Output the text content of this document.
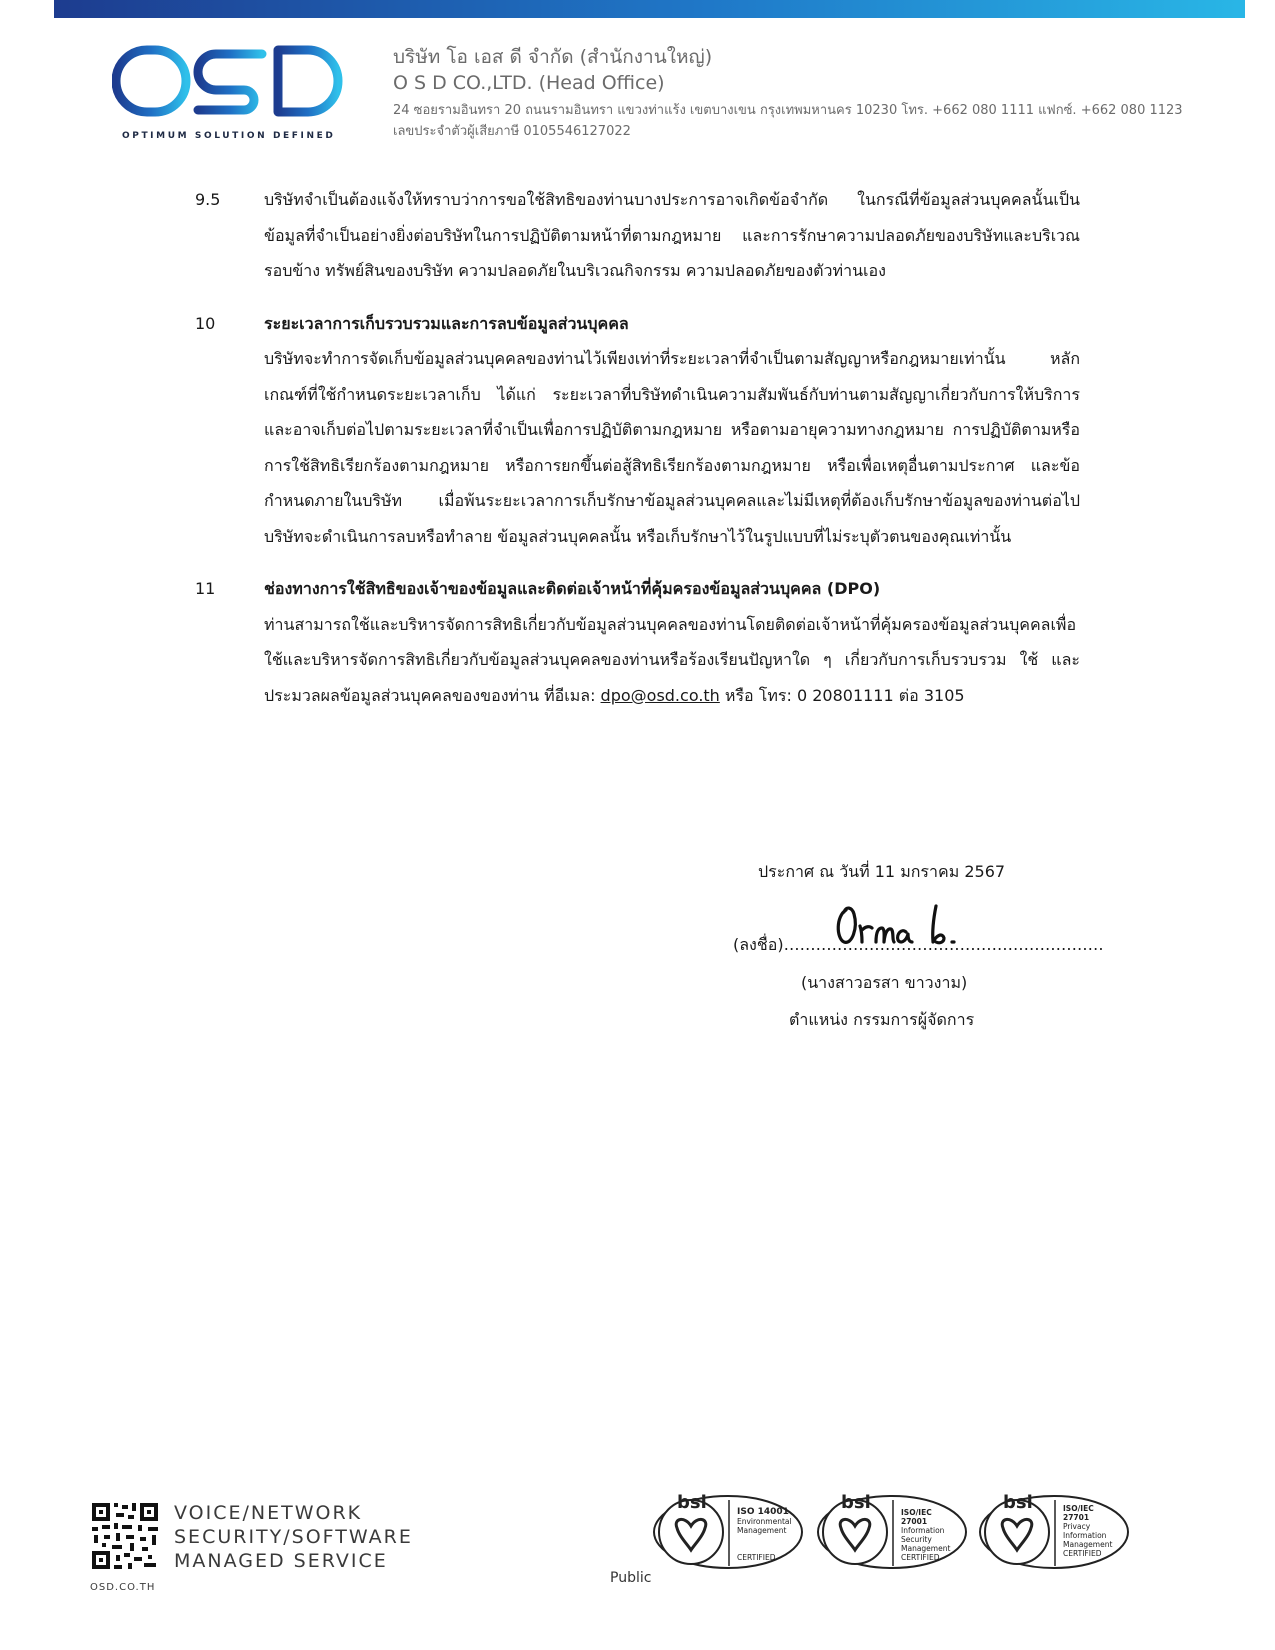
OPTIMUM SOLUTION DEFINED
บริษัท โอ เอส ดี จำกัด (สำนักงานใหญ่)
O S D CO.,LTD. (Head Office)
24 ซอยรามอินทรา 20 ถนนรามอินทรา แขวงท่าแร้ง เขตบางเขน กรุงเทพมหานคร 10230 โทร. +662 080 1111 แฟกซ์. +662 080 1123
เลขประจำตัวผู้เสียภาษี 0105546127022
9.5	บริษัทจำเป็นต้องแจ้งให้ทราบว่าการขอใช้สิทธิของท่านบางประการอาจเกิดข้อจำกัด ในกรณีที่ข้อมูลส่วนบุคคลนั้นเป็นข้อมูลที่จำเป็นอย่างยิ่งต่อบริษัทในการปฏิบัติตามหน้าที่ตามกฎหมาย และการรักษาความปลอดภัยของบริษัทและบริเวณรอบข้าง ทรัพย์สินของบริษัท ความปลอดภัยในบริเวณกิจกรรม ความปลอดภัยของตัวท่านเอง

10	ระยะเวลาการเก็บรวบรวมและการลบข้อมูลส่วนบุคคล

บริษัทจะทำการจัดเก็บข้อมูลส่วนบุคคลของท่านไว้เพียงเท่าที่ระยะเวลาที่จำเป็นตามสัญญาหรือกฎหมายเท่านั้น หลักเกณฑ์ที่ใช้กำหนดระยะเวลาเก็บ ได้แก่ ระยะเวลาที่บริษัทดำเนินความสัมพันธ์กับท่านตามสัญญาเกี่ยวกับการให้บริการ และอาจเก็บต่อไปตามระยะเวลาที่จำเป็นเพื่อการปฏิบัติตามกฎหมาย หรือตามอายุความทางกฎหมาย การปฏิบัติตามหรือการใช้สิทธิเรียกร้องตามกฎหมาย หรือการยกขึ้นต่อสู้สิทธิเรียกร้องตามกฎหมาย หรือเพื่อเหตุอื่นตามประกาศ และข้อกำหนดภายในบริษัท เมื่อพ้นระยะเวลาการเก็บรักษาข้อมูลส่วนบุคคลและไม่มีเหตุที่ต้องเก็บรักษาข้อมูลของท่านต่อไป บริษัทจะดำเนินการลบหรือทำลาย ข้อมูลส่วนบุคคลนั้น หรือเก็บรักษาไว้ในรูปแบบที่ไม่ระบุตัวตนของคุณเท่านั้น

11	ช่องทางการใช้สิทธิของเจ้าของข้อมูลและติดต่อเจ้าหน้าที่คุ้มครองข้อมูลส่วนบุคคล (DPO)

ท่านสามารถใช้และบริหารจัดการสิทธิเกี่ยวกับข้อมูลส่วนบุคคลของท่านโดยติดต่อเจ้าหน้าที่คุ้มครองข้อมูลส่วนบุคคลเพื่อใช้และบริหารจัดการสิทธิเกี่ยวกับข้อมูลส่วนบุคคลของท่านหรือร้องเรียนปัญหาใด ๆ เกี่ยวกับการเก็บรวบรวม ใช้ และประมวลผลข้อมูลส่วนบุคคลของของท่าน ที่อีเมล: dpo@osd.co.th หรือ โทร: 0 20801111 ต่อ 3105

ประกาศ ณ วันที่ 11 มกราคม 2567
(ลงชื่อ)……………………………………………………
(นางสาวอรสา ขาวงาม)
ตำแหน่ง กรรมการผู้จัดการ
VOICE/NETWORK
SECURITY/SOFTWARE
MANAGED SERVICE
OSD.CO.TH
Public
bsi	ISO 14001
Environmental
Management
CERTIFIED
bsi	ISO/IEC
27001
Information Security
Management
CERTIFIED
bsi	ISO/IEC
27701
Privacy
Information
Management
CERTIFIED
